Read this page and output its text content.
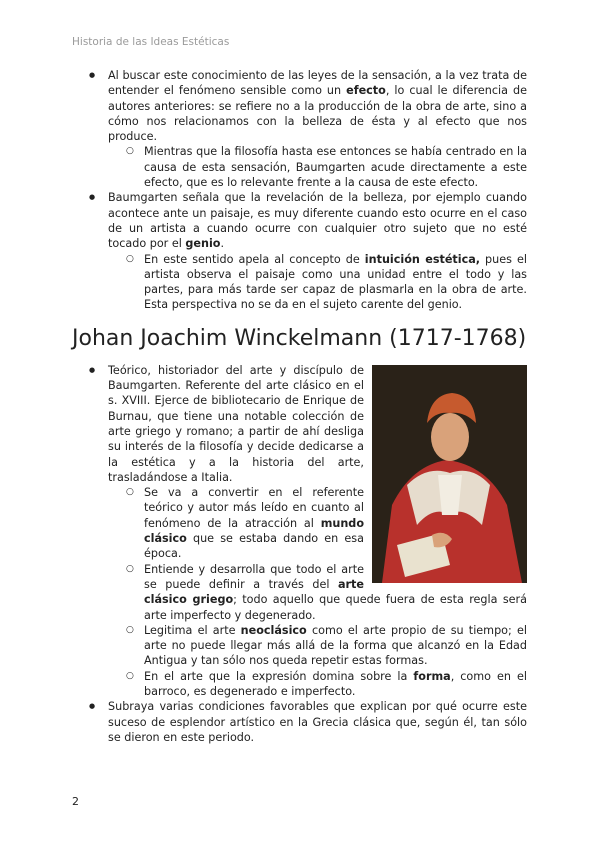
Historia de las Ideas Estéticas
● Al buscar este conocimiento de las leyes de la sensación, a la vez trata de entender el fenómeno sensible como un efecto, lo cual le diferencia de autores anteriores: se refiere no a la producción de la obra de arte, sino a cómo nos relacionamos con la belleza de ésta y al efecto que nos produce.
○ Mientras que la filosofía hasta ese entonces se había centrado en la causa de esta sensación, Baumgarten acude directamente a este efecto, que es lo relevante frente a la causa de este efecto.
● Baumgarten señala que la revelación de la belleza, por ejemplo cuando acontece ante un paisaje, es muy diferente cuando esto ocurre en el caso de un artista a cuando ocurre con cualquier otro sujeto que no esté tocado por el genio.
○ En este sentido apela al concepto de intuición estética, pues el artista observa el paisaje como una unidad entre el todo y las partes, para más tarde ser capaz de plasmarla en la obra de arte. Esta perspectiva no se da en el sujeto carente del genio.
Johan Joachim Winckelmann (1717-1768)
● Teórico, historiador del arte y discípulo de Baumgarten. Referente del arte clásico en el s. XVIII. Ejerce de bibliotecario de Enrique de Burnau, que tiene una notable colección de arte griego y romano; a partir de ahí desliga su interés de la filosofía y decide dedicarse a la estética y a la historia del arte, trasladándose a Italia.
○ Se va a convertir en el referente teórico y autor más leído en cuanto al fenómeno de la atracción al mundo clásico que se estaba dando en esa época.
○ Entiende y desarrolla que todo el arte se puede definir a través del arte clásico griego; todo aquello que quede fuera de esta regla será arte imperfecto y degenerado.
○ Legitima el arte neoclásico como el arte propio de su tiempo; el arte no puede llegar más allá de la forma que alcanzó en la Edad Antigua y tan sólo nos queda repetir estas formas.
○ En el arte que la expresión domina sobre la forma, como en el barroco, es degenerado e imperfecto.
● Subraya varias condiciones favorables que explican por qué ocurre este suceso de esplendor artístico en la Grecia clásica que, según él, tan sólo se dieron en este periodo.
2
